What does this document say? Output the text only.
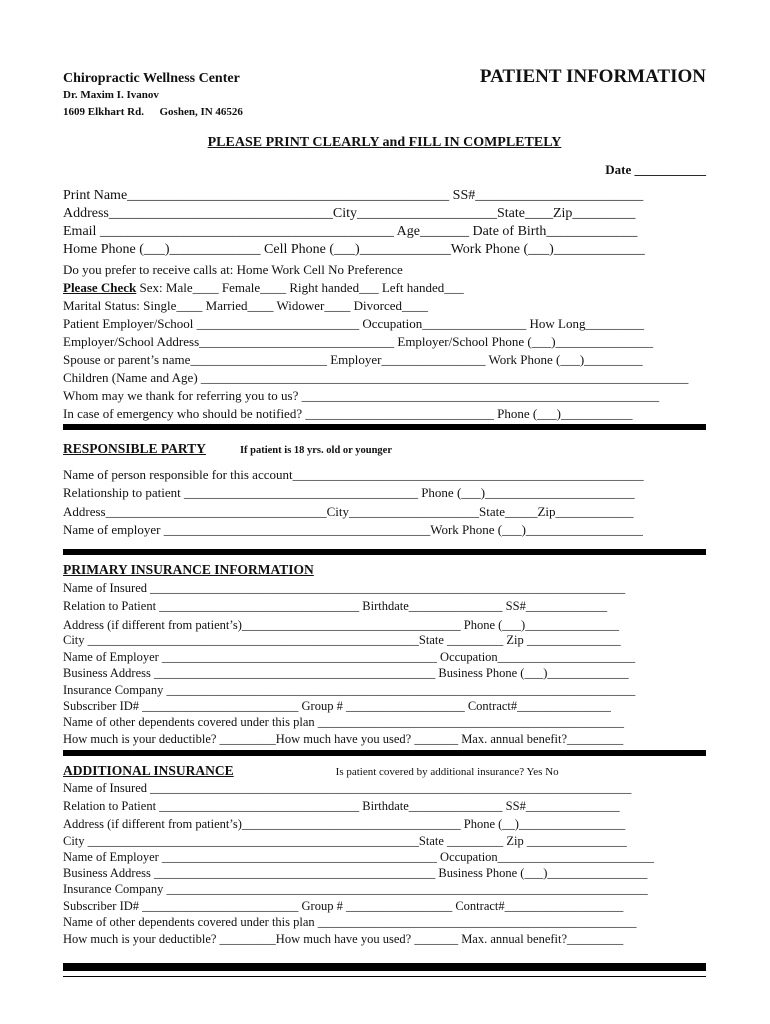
Chiropractic Wellness Center
Dr. Maxim I. Ivanov
1609 Elkhart Rd. Goshen, IN 46526
PATIENT INFORMATION
PLEASE PRINT CLEARLY and FILL IN COMPLETELY
Date ___________
Print Name______________________________________________ SS#________________________
Address________________________________City____________________State____Zip_________
Email __________________________________________ Age_______ Date of Birth_____________
Home Phone (___)_____________ Cell Phone (___)_____________Work Phone (___)_____________
Do you prefer to receive calls at: Home Work Cell No Preference
Please Check Sex: Male____ Female____ Right handed___ Left handed___
Marital Status: Single____ Married____ Widower____ Divorced____
Patient Employer/School _________________________ Occupation________________ How Long_________
Employer/School Address______________________________ Employer/School Phone (___)_______________
Spouse or parent’s name_____________________ Employer________________ Work Phone (___)_________
Children (Name and Age) ___________________________________________________________________________
Whom may we thank for referring you to us? _______________________________________________________
In case of emergency who should be notified? _____________________________ Phone (___)___________
RESPONSIBLE PARTY	If patient is 18 yrs. old or younger
Name of person responsible for this account______________________________________________________
Relationship to patient ____________________________________ Phone (___)_______________________
Address__________________________________City____________________State_____Zip____________
Name of employer _________________________________________Work Phone (___)__________________
PRIMARY INSURANCE INFORMATION
Name of Insured ____________________________________________________________________________
Relation to Patient ________________________________ Birthdate_______________ SS#_____________
Address (if different from patient’s)___________________________________ Phone (___)_______________
City _____________________________________________________State _________ Zip _______________
Name of Employer ____________________________________________ Occupation______________________
Business Address _____________________________________________ Business Phone (___)_____________
Insurance Company ___________________________________________________________________________
Subscriber ID# _________________________ Group # ___________________ Contract#_______________
Name of other dependents covered under this plan _________________________________________________
How much is your deductible? _________How much have you used? _______ Max. annual benefit?_________
ADDITIONAL INSURANCE	Is patient covered by additional insurance? Yes No
Name of Insured _____________________________________________________________________________
Relation to Patient ________________________________ Birthdate_______________ SS#_______________
Address (if different from patient’s)___________________________________ Phone (__)_________________
City _____________________________________________________State _________ Zip ________________
Name of Employer ____________________________________________ Occupation_________________________
Business Address _____________________________________________ Business Phone (___)________________
Insurance Company _____________________________________________________________________________
Subscriber ID# _________________________ Group # _________________ Contract#___________________
Name of other dependents covered under this plan ___________________________________________________
How much is your deductible? _________How much have you used? _______ Max. annual benefit?_________
